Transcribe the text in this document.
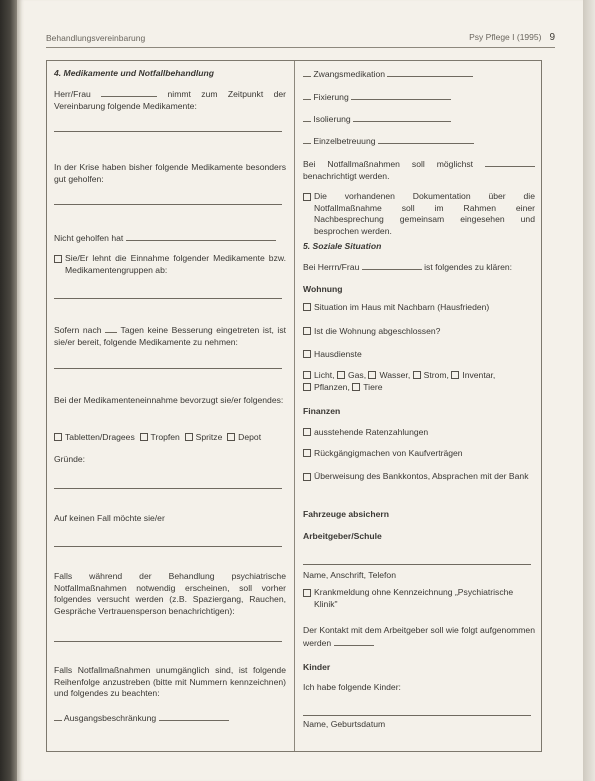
Behandlungsvereinbarung	Psy Pflege I (1995) 9
4. Medikamente und Notfallbehandlung
Herr/Frau	nimmt zum Zeitpunkt der Vereinbarung folgende Medikamente:
In der Krise haben bisher folgende Medikamente besonders gut geholfen:
Nicht geholfen hat
Sie/Er lehnt die Einnahme folgender Medikamente bzw. Medikamentengruppen ab:
Sofern nach Tagen keine Besserung eingetreten ist, ist sie/er bereit, folgende Medikamente zu nehmen:
Bei der Medikamenteneinnahme bevorzugt sie/er folgendes:
Tabletten/Dragees Tropfen Spritze Depot
Gründe:
Auf keinen Fall möchte sie/er
Falls während der Behandlung psychiatrische Notfallmaßnahmen notwendig erscheinen, soll vorher folgendes versucht werden (z.B. Spaziergang, Rauchen, Gespräche Vertrauensperson benachrichtigen):
Falls Notfallmaßnahmen unumgänglich sind, ist folgende Reihenfolge anzustreben (bitte mit Nummern kennzeichnen) und folgendes zu beachten:
Ausgangsbeschränkung
Zwangsmedikation
Fixierung
Isolierung
Einzelbetreuung
Bei Notfallmaßnahmen soll möglichst  benachrichtigt werden.
Die vorhandenen Dokumentation über die Notfallmaßnahme soll im Rahmen einer Nachbesprechung gemeinsam eingesehen und besprochen werden.
5. Soziale Situation
Bei Herrn/Frau	ist folgendes zu klären:
Wohnung
Situation im Haus mit Nachbarn (Hausfrieden)
Ist die Wohnung abgeschlossen?
Hausdienste
Licht, Gas, Wasser, Strom, Inventar,
Pflanzen, Tiere
Finanzen
ausstehende Ratenzahlungen
Rückgängigmachen von Kaufverträgen
Überweisung des Bankkontos, Absprachen mit der Bank
Fahrzeuge absichern
Arbeitgeber/Schule
Name, Anschrift, Telefon
Krankmeldung ohne Kennzeichnung „Psychiatrische Klinik"
Der Kontakt mit dem Arbeitgeber soll wie folgt aufgenommen werden
Kinder
Ich habe folgende Kinder:
Name, Geburtsdatum
